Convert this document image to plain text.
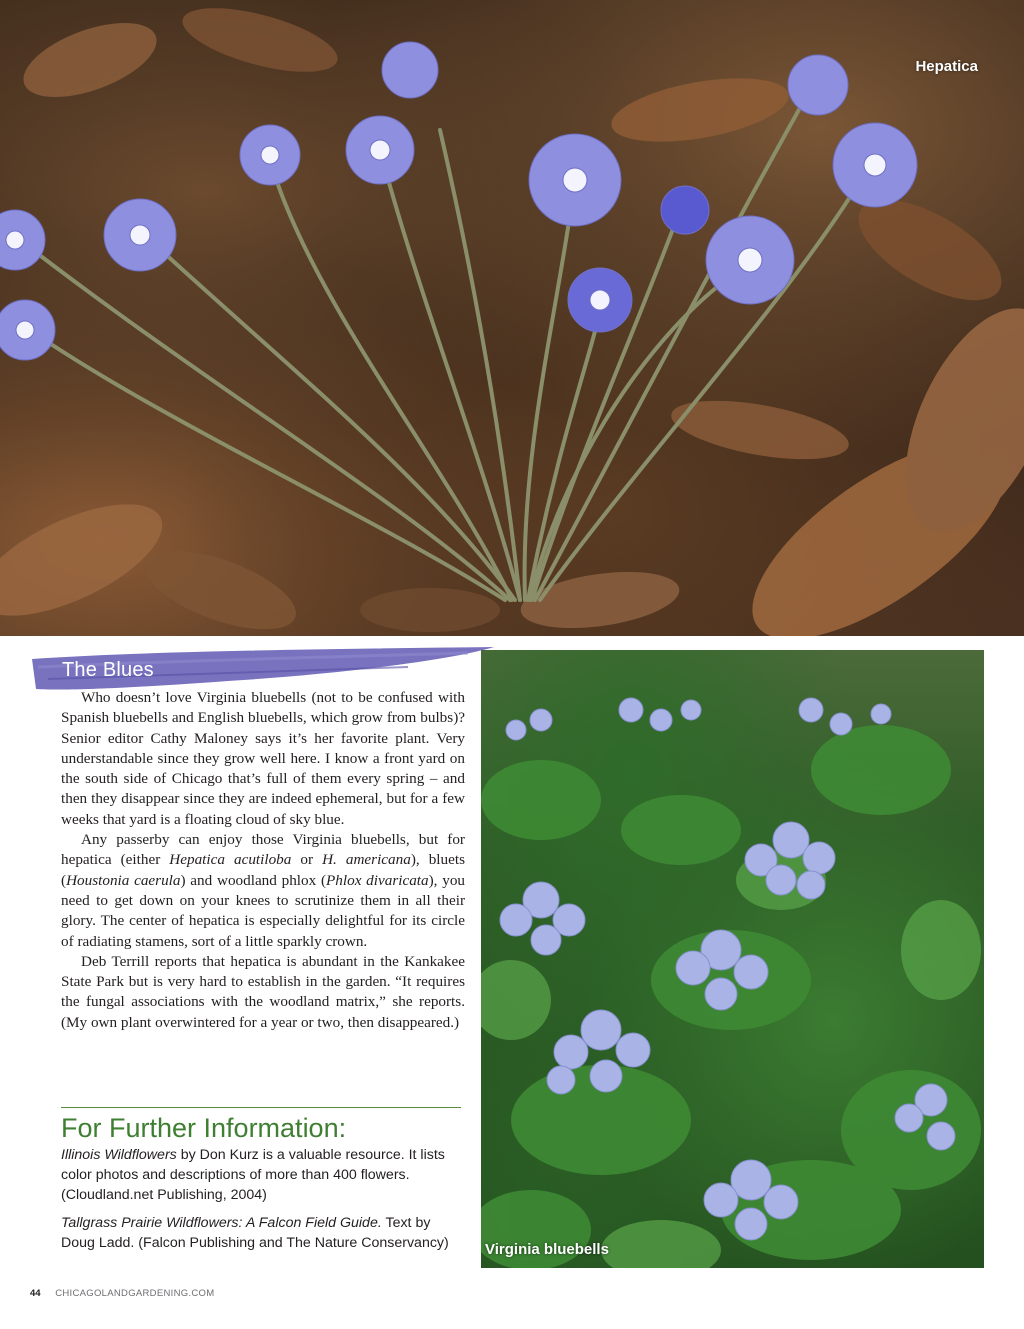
Hepatica
The Blues

Who doesn’t love Virginia bluebells (not to be confused with Spanish bluebells and English bluebells, which grow from bulbs)? Senior editor Cathy Maloney says it’s her favorite plant. Very understandable since they grow well here. I know a front yard on the south side of Chicago that’s full of them every spring – and then they disappear since they are indeed ephemeral, but for a few weeks that yard is a floating cloud of sky blue.

Any passerby can enjoy those Virginia bluebells, but for hepatica (either Hepatica acutiloba or H. americana), bluets (Houstonia caerula) and woodland phlox (Phlox divaricata), you need to get down on your knees to scrutinize them in all their glory. The center of hepatica is especially delightful for its circle of radiating stamens, sort of a little sparkly crown.

Deb Terrill reports that hepatica is abundant in the Kankakee State Park but is very hard to establish in the garden. “It requires the fungal associations with the woodland matrix,” she reports. (My own plant overwintered for a year or two, then disappeared.)

For Further Information:

Illinois Wildflowers by Don Kurz is a valuable resource. It lists color photos and descriptions of more than 400 flowers. (Cloudland.net Publishing, 2004)

Tallgrass Prairie Wildflowers: A Falcon Field Guide. Text by Doug Ladd. (Falcon Publishing and The Nature Conservancy)	Virginia bluebells
44 CHICAGOLANDGARDENING.COM
